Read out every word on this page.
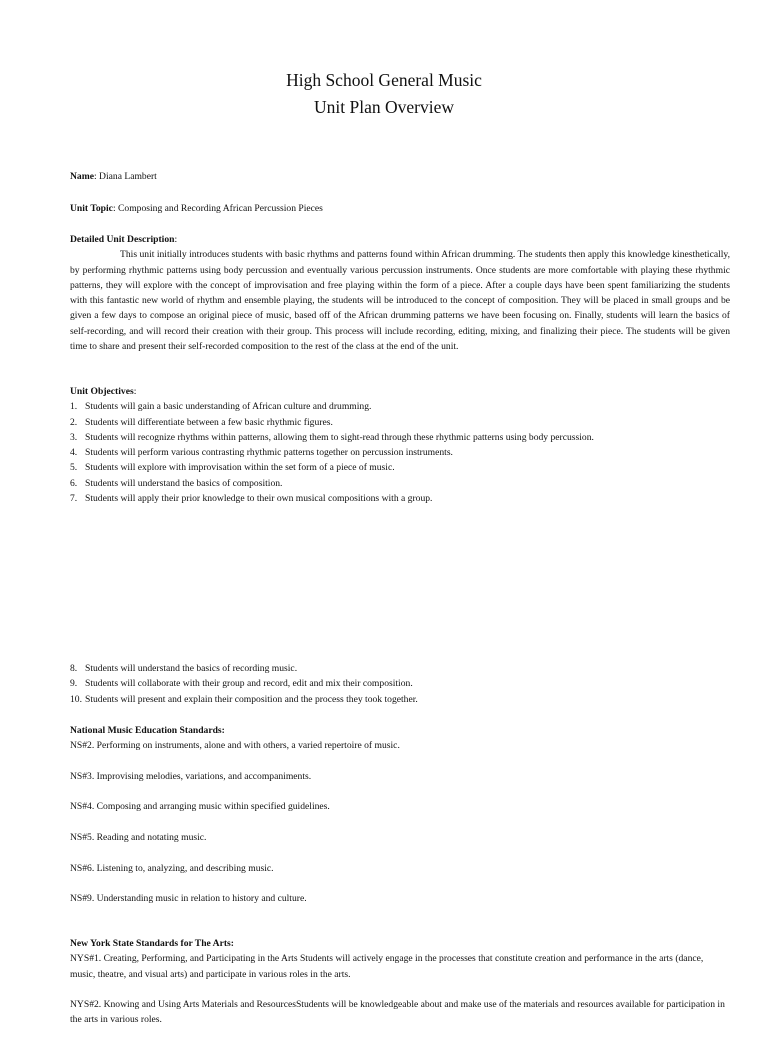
High School General Music
Unit Plan Overview
Name: Diana Lambert
Unit Topic: Composing and Recording African Percussion Pieces
Detailed Unit Description:

This unit initially introduces students with basic rhythms and patterns found within African drumming. The students then apply this knowledge kinesthetically, by performing rhythmic patterns using body percussion and eventually various percussion instruments. Once students are more comfortable with playing these rhythmic patterns, they will explore with the concept of improvisation and free playing within the form of a piece. After a couple days have been spent familiarizing the students with this fantastic new world of rhythm and ensemble playing, the students will be introduced to the concept of composition. They will be placed in small groups and be given a few days to compose an original piece of music, based off of the African drumming patterns we have been focusing on. Finally, students will learn the basics of self-recording, and will record their creation with their group. This process will include recording, editing, mixing, and finalizing their piece. The students will be given time to share and present their self-recorded composition to the rest of the class at the end of the unit.

Unit Objectives:
1. Students will gain a basic understanding of African culture and drumming.
2. Students will differentiate between a few basic rhythmic figures.
3. Students will recognize rhythms within patterns, allowing them to sight-read through these rhythmic patterns using body percussion.
4. Students will perform various contrasting rhythmic patterns together on percussion instruments.
5. Students will explore with improvisation within the set form of a piece of music.
6. Students will understand the basics of composition.
7. Students will apply their prior knowledge to their own musical compositions with a group.
8. Students will understand the basics of recording music.
9. Students will collaborate with their group and record, edit and mix their composition.
10. Students will present and explain their composition and the process they took together.
National Music Education Standards:
NS#2. Performing on instruments, alone and with others, a varied repertoire of music.
NS#3. Improvising melodies, variations, and accompaniments.
NS#4. Composing and arranging music within specified guidelines.
NS#5. Reading and notating music.
NS#6. Listening to, analyzing, and describing music.
NS#9. Understanding music in relation to history and culture.
New York State Standards for The Arts:
NYS#1. Creating, Performing, and Participating in the Arts Students will actively engage in the processes that constitute creation and performance in the arts (dance, music, theatre, and visual arts) and participate in various roles in the arts.
NYS#2. Knowing and Using Arts Materials and ResourcesStudents will be knowledgeable about and make use of the materials and resources available for participation in the arts in various roles.
